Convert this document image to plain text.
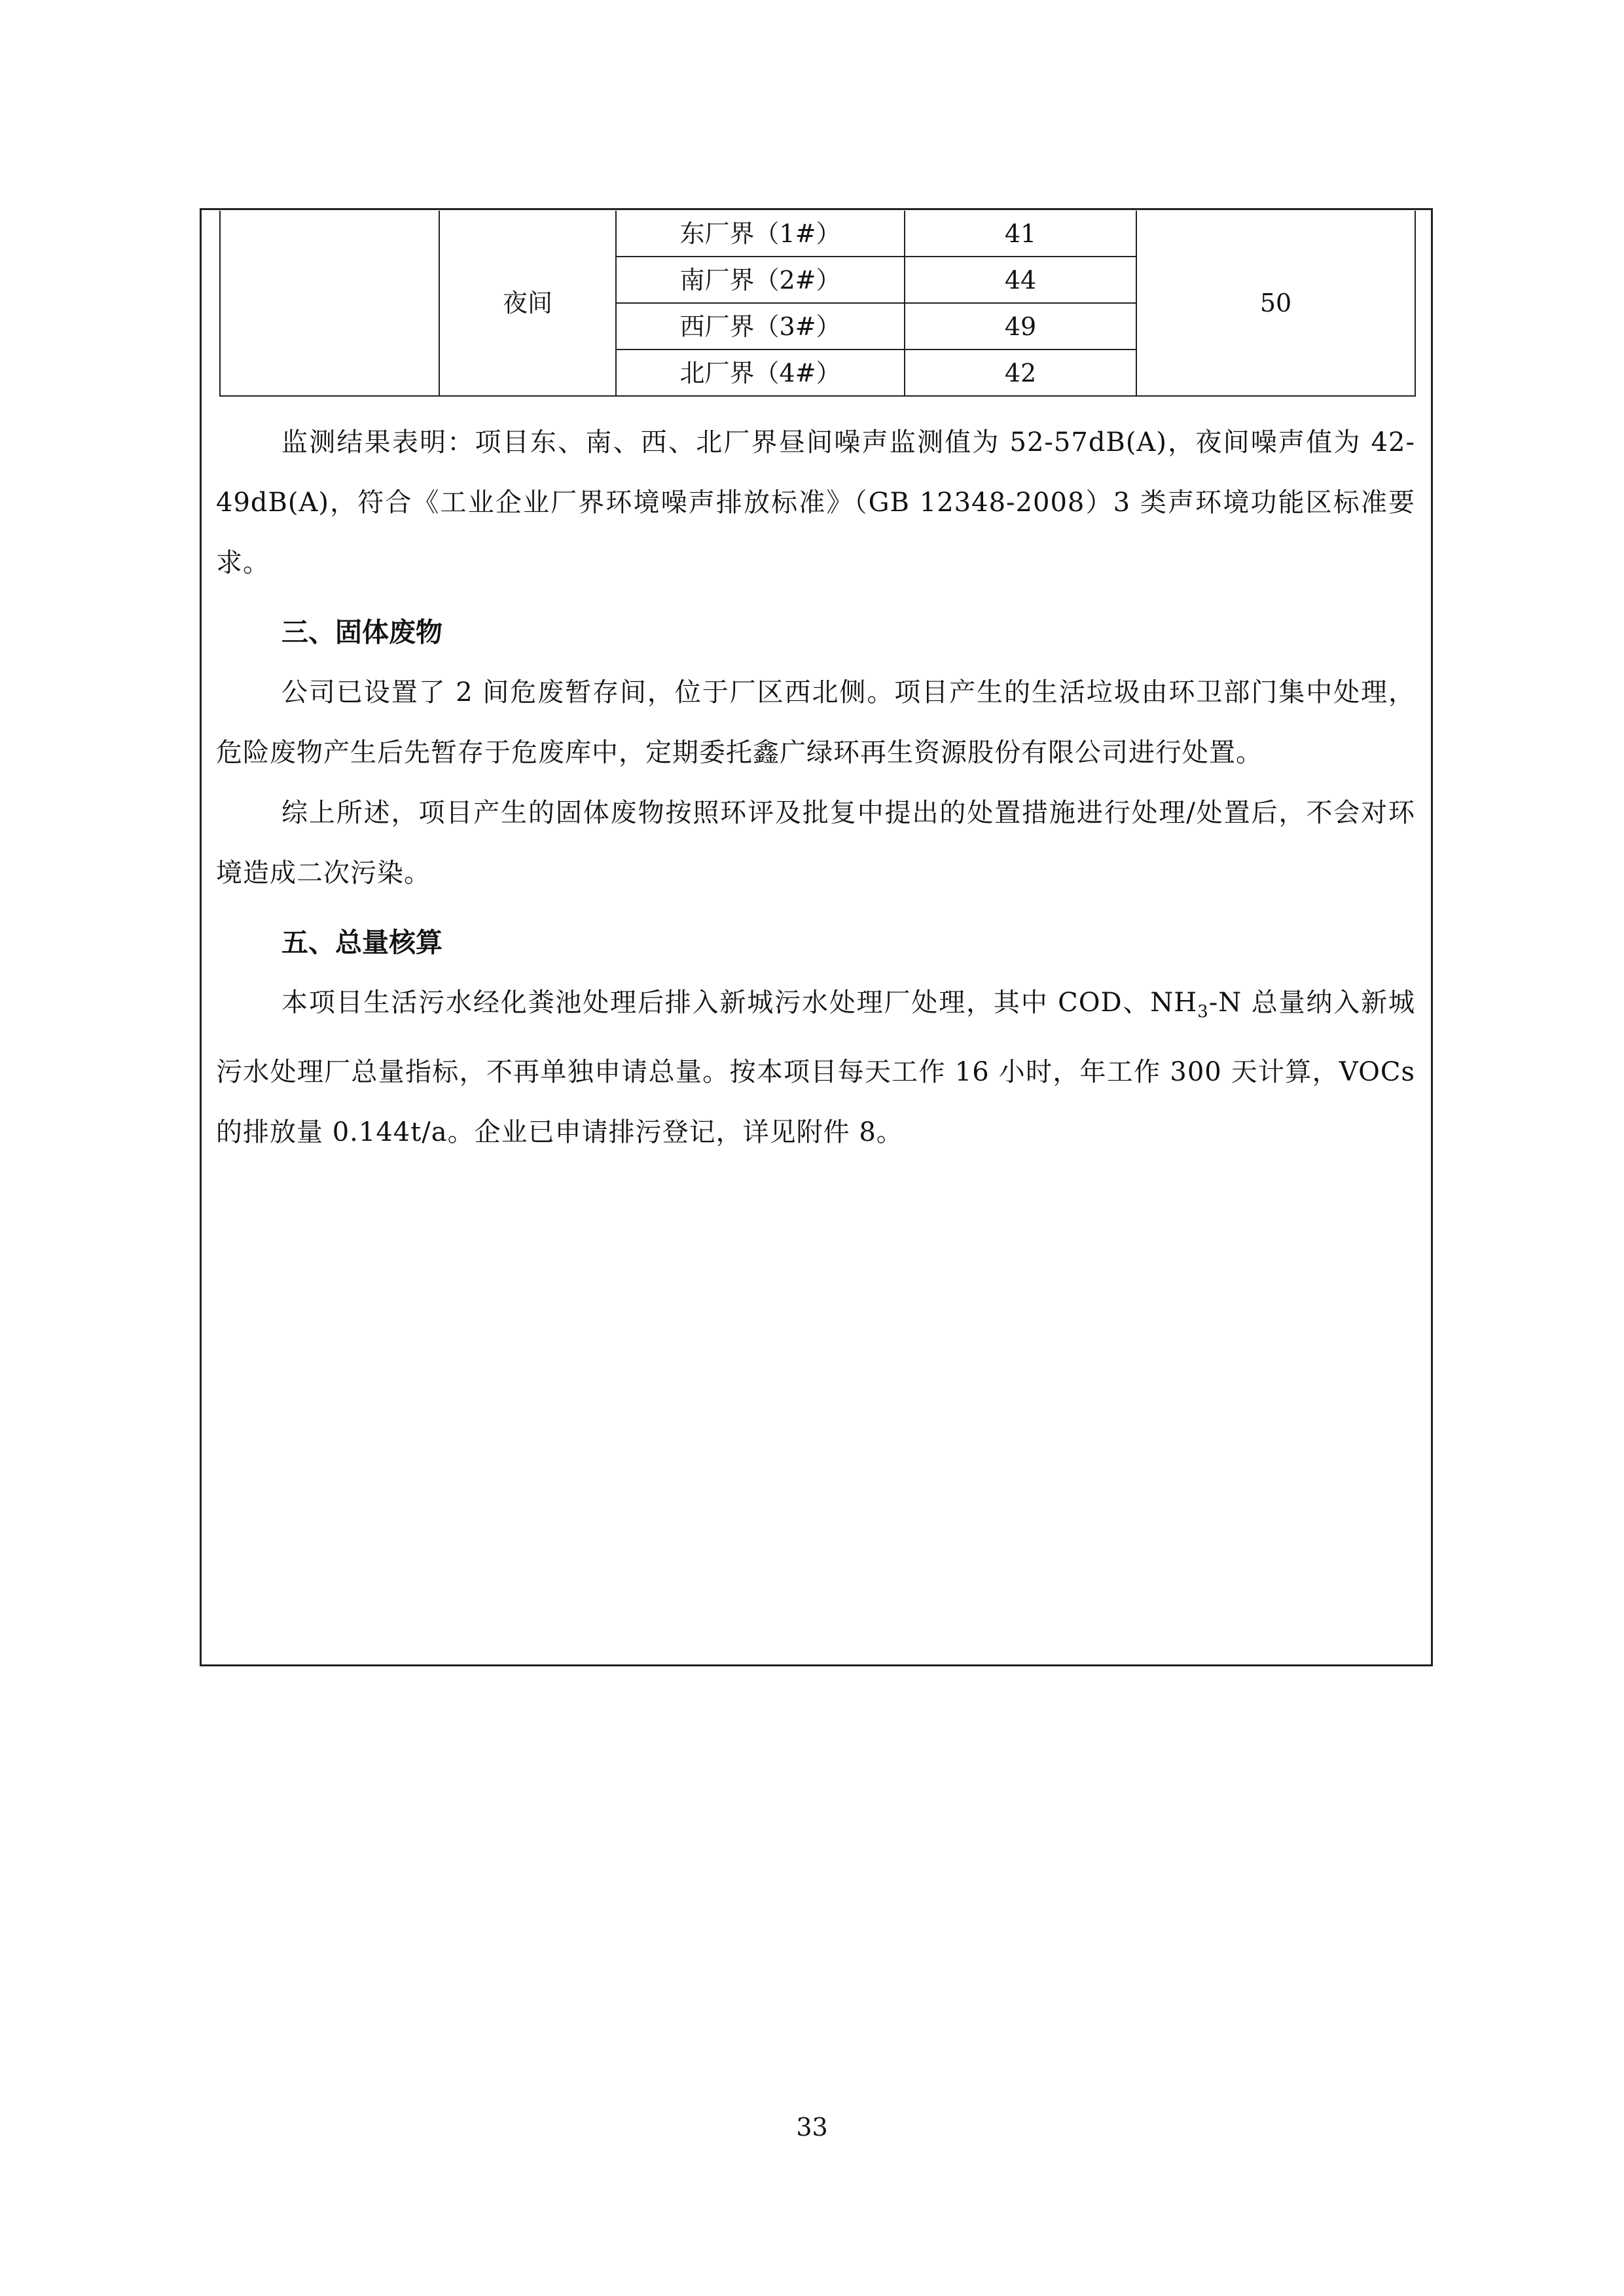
	夜间	东厂界（1#）	41	50
		南厂界（2#）	44	
		西厂界（3#）	49	
		北厂界（4#）	42	

监测结果表明：项目东、南、西、北厂界昼间噪声监测值为 52-57dB(A)，夜间噪声值为 42-49dB(A)，符合《工业企业厂界环境噪声排放标准》（GB 12348-2008）3 类声环境功能区标准要求。

三、固体废物

公司已设置了 2 间危废暂存间，位于厂区西北侧。项目产生的生活垃圾由环卫部门集中处理，危险废物产生后先暂存于危废库中，定期委托鑫广绿环再生资源股份有限公司进行处置。

综上所述，项目产生的固体废物按照环评及批复中提出的处置措施进行处理/处置后，不会对环境造成二次污染。

五、总量核算

本项目生活污水经化粪池处理后排入新城污水处理厂处理，其中 COD、$NH_3-N$ 总量纳入新城污水处理厂总量指标，不再单独申请总量。按本项目每天工作 16 小时，年工作 300 天计算，VOCs 的排放量 0.144t/a。企业已申请排污登记，详见附件 8。

33
